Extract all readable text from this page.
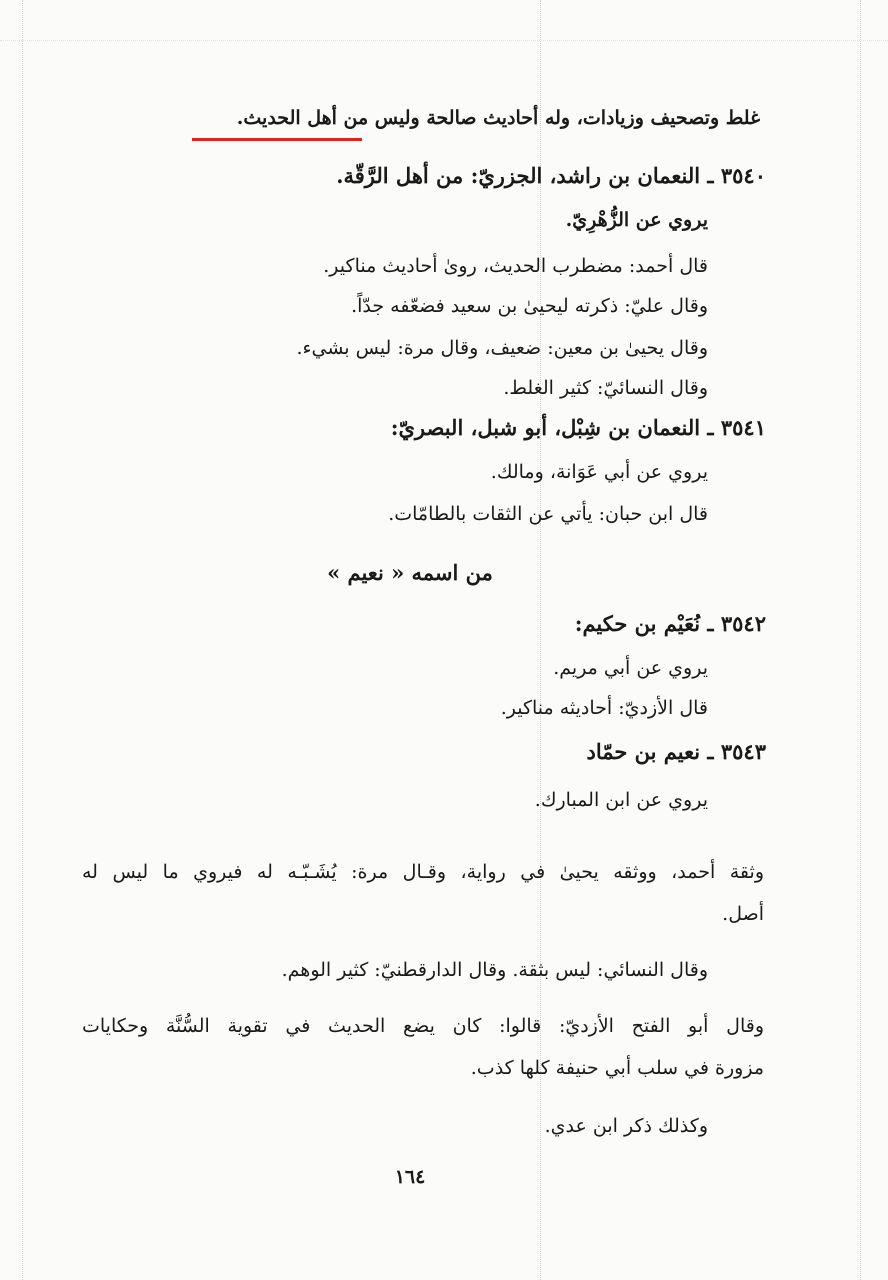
غلط وتصحيف وزيادات، وله أحاديث صالحة وليس من أهل الحديث.
٣٥٤٠ ـ النعمان بن راشد، الجزريّ: من أهل الرَّقّة.
يروي عن الزُّهْرِيّ.
قال أحمد: مضطرب الحديث، روىٰ أحاديث مناكير.
وقال عليّ: ذكرته ليحيىٰ بن سعيد فضعّفه جدّاً.
وقال يحيىٰ بن معين: ضعيف، وقال مرة: ليس بشيء.
وقال النسائيّ: كثير الغلط.
٣٥٤١ ـ النعمان بن شِبْل، أبو شبل، البصريّ:
يروي عن أبي عَوَانة، ومالك.
قال ابن حبان: يأتي عن الثقات بالطامّات.
من اسمه « نعيم »
٣٥٤٢ ـ نُعَيْم بن حكيم:
يروي عن أبي مريم.
قال الأزديّ: أحاديثه مناكير.
٣٥٤٣ ـ نعيم بن حمّاد
يروي عن ابن المبارك.
وثقة أحمد، ووثقه يحيىٰ في رواية، وقـال مرة: يُشَـبّـه له فيروي ما ليس له
أصل.
وقال النسائي: ليس بثقة. وقال الدارقطنيّ: كثير الوهم.
وقال أبو الفتح الأزديّ: قالوا: كان يضع الحديث في تقوية السُّنَّة وحكايات
مزورة في سلب أبي حنيفة كلها كذب.
وكذلك ذكر ابن عدي.
١٦٤
